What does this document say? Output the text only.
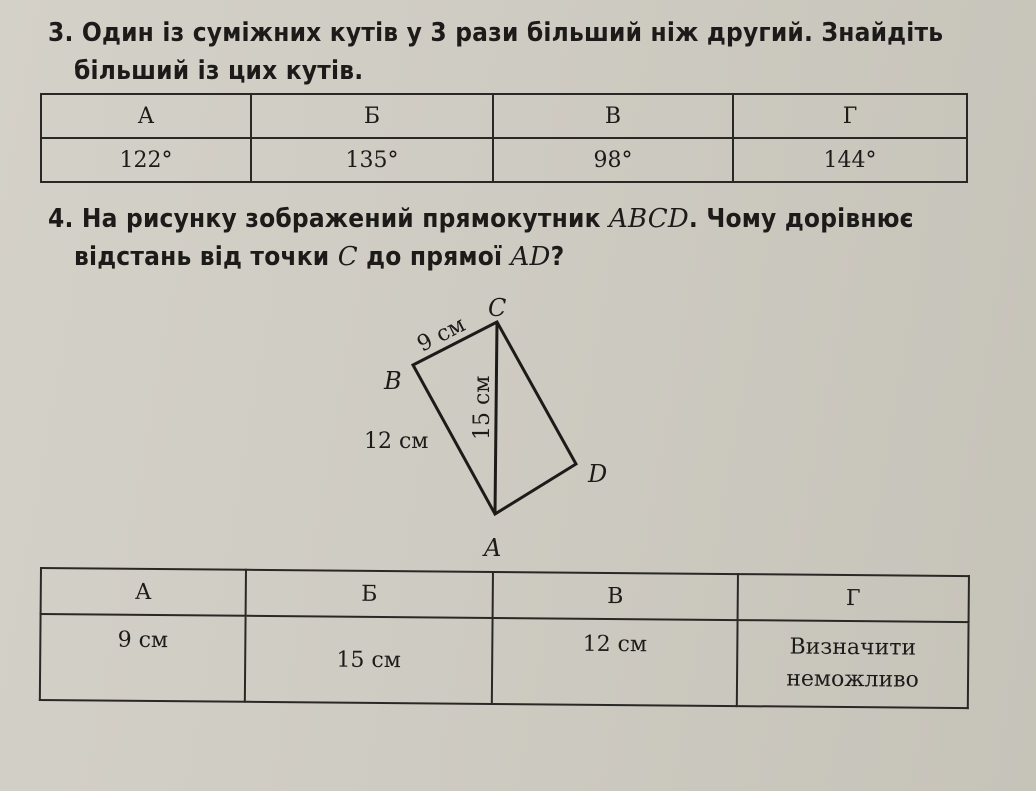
3. Один із суміжних кутів у 3 рази більший ніж другий. Знайдіть
більший із цих кутів.
А	Б	В	Г
122°	135°	98°	144°
4. На рисунку зображений прямокутник ABCD. Чому дорівнює
відстань від точки C до прямої AD?
C
B
D
A
9 см
12 см
15 см
А	Б	В	Г
9 см	15 см	12 см	Визначити
неможливо
